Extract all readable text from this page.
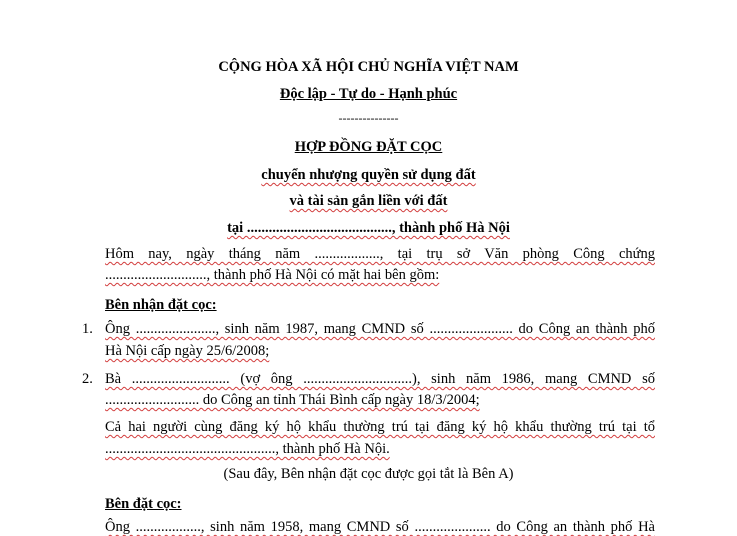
CỘNG HÒA XÃ HỘI CHỦ NGHĨA VIỆT NAM
Độc lập - Tự do - Hạnh phúc
---------------
HỢP ĐỒNG ĐẶT CỌC
chuyển nhượng quyền sử dụng đất
và tài sản gắn liền với đất
tại ........................................, thành phố Hà Nội
Hôm nay, ngày tháng năm .................., tại trụ sở Văn phòng Công chứng
............................, thành phố Hà Nội có mặt hai bên gồm:
Bên nhận đặt cọc:
1. Ông ......................, sinh năm 1987, mang CMND số ....................... do Công an thành phố
Hà Nội cấp ngày 25/6/2008;
2. Bà ........................... (vợ ông ..............................), sinh năm 1986, mang CMND số
.......................... do Công an tỉnh Thái Bình cấp ngày 18/3/2004;
Cả hai người cùng đăng ký hộ khẩu thường trú tại đăng ký hộ khẩu thường trú tại tổ
..............................................., thành phố Hà Nội.
(Sau đây, Bên nhận đặt cọc được gọi tắt là Bên A)
Bên đặt cọc:
Ông .................., sinh năm 1958, mang CMND số ..................... do Công an thành phố Hà
